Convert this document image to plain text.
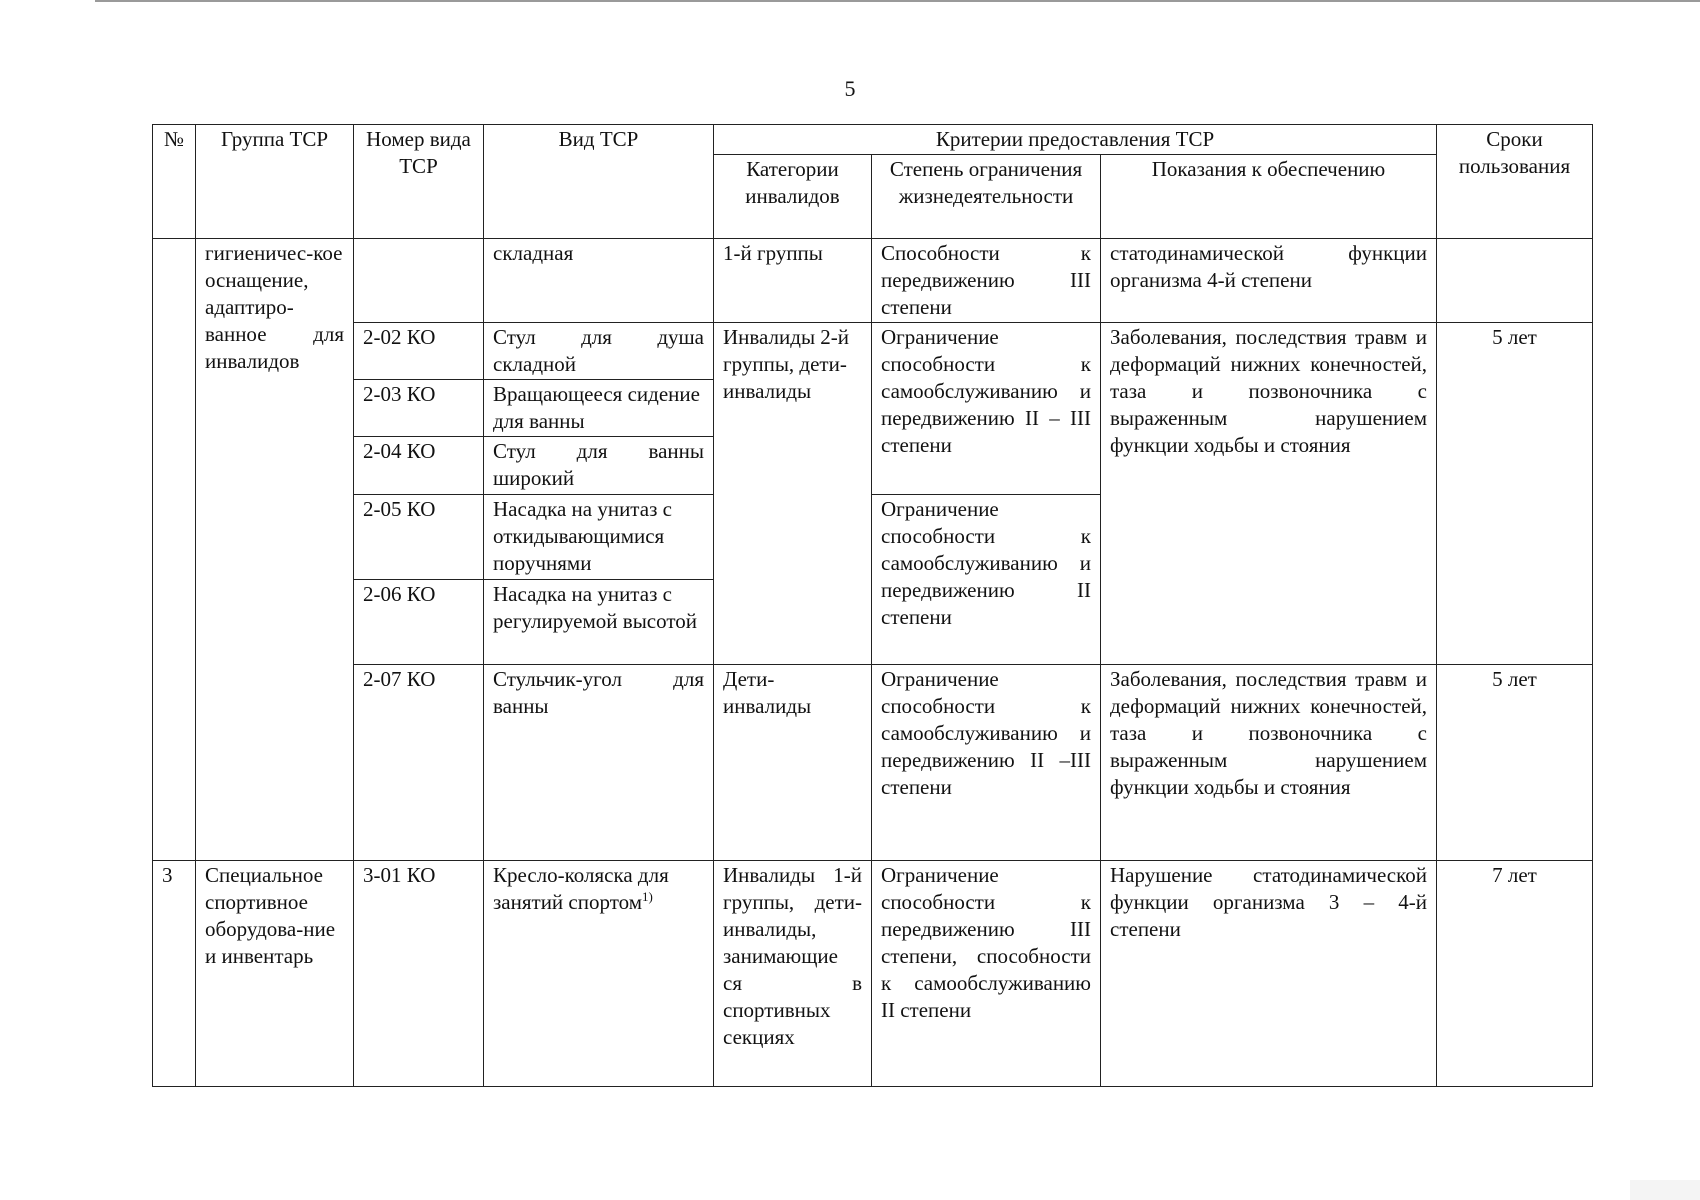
5
№	Группа ТСР	Номер вида ТСР	Вид ТСР	Критерии предоставления ТСР			Сроки пользования
				Категории инвалидов	Степень ограничения жизнедеятельности	Показания к обеспечению	
	гигиеничес-кое оснащение, адаптиро-ванное для инвалидов		складная	1-й группы	Способности к передвижению III степени	статодинамической функции организма 4-й степени	
		2-02 КО	Стул для душа складной	Инвалиды 2-й группы, дети-инвалиды	Ограничение способности к самообслуживанию и передвижению II – III степени	Заболевания, последствия травм и деформаций нижних конечностей, таза и позвоночника с выраженным нарушением функции ходьбы и стояния	5 лет
		2-03 КО	Вращающееся сидение для ванны				
		2-04 КО	Стул для ванны широкий				
		2-05 КО	Насадка на унитаз с откидывающимися поручнями		Ограничение способности к самообслуживанию и передвижению II степени		
		2-06 КО	Насадка на унитаз с регулируемой высотой				
		2-07 КО	Стульчик-угол для ванны	Дети-инвалиды	Ограничение способности к самообслуживанию и передвижению II –III степени	Заболевания, последствия травм и деформаций нижних конечностей, таза и позвоночника с выраженным нарушением функции ходьбы и стояния	5 лет
3	Специальное спортивное оборудова-ние и инвентарь	3-01 КО	Кресло-коляска для занятий спортом$^{1)}$	Инвалиды 1-й группы, дети-инвалиды, занимающие ся в спортивных секциях	Ограничение способности к передвижению III степени, способности к самообслуживанию II степени	Нарушение статодинамической функции организма 3 – 4-й степени	7 лет
